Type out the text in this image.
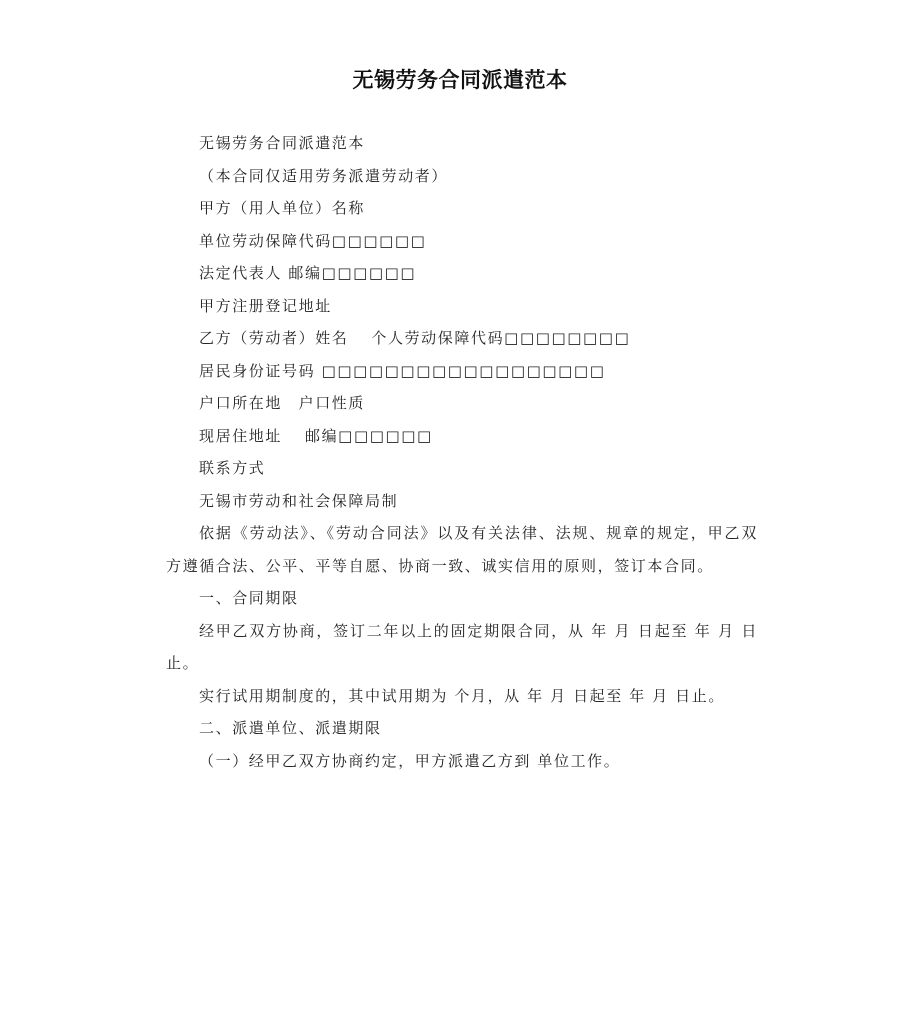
无锡劳务合同派遣范本

无锡劳务合同派遣范本

（本合同仅适用劳务派遣劳动者）

甲方（用人单位）名称

单位劳动保障代码□□□□□□

法定代表人 邮编□□□□□□

甲方注册登记地址

乙方（劳动者）姓名　 个人劳动保障代码□□□□□□□□

居民身份证号码 □□□□□□□□□□□□□□□□□□

户口所在地　户口性质

现居住地址　 邮编□□□□□□

联系方式

无锡市劳动和社会保障局制

依据《劳动法》、《劳动合同法》以及有关法律、法规、规章的规定，甲乙双方遵循合法、公平、平等自愿、协商一致、诚实信用的原则，签订本合同。

一、合同期限

经甲乙双方协商，签订二年以上的固定期限合同，从 年 月 日起至 年 月 日止。

实行试用期制度的，其中试用期为 个月，从 年 月 日起至 年 月 日止。

二、派遣单位、派遣期限

（一）经甲乙双方协商约定，甲方派遣乙方到 单位工作。
